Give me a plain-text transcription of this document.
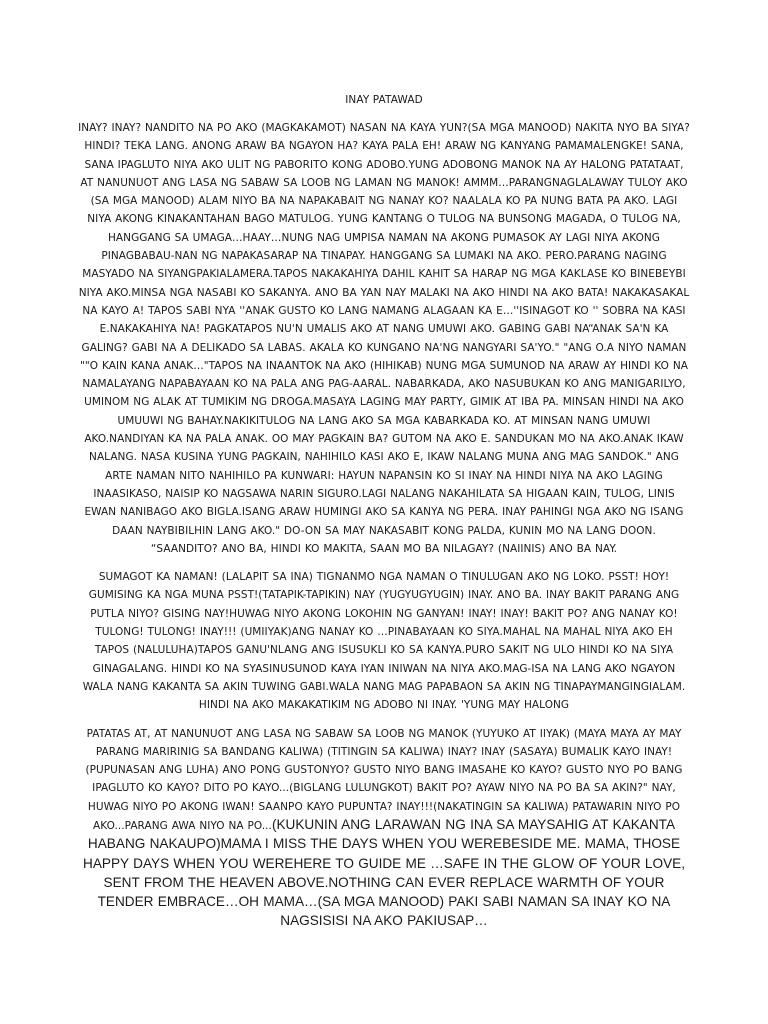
INAY PATAWAD

INAY? INAY? NANDITO NA PO AKO (MAGKAKAMOT) NASAN NA KAYA YUN?(SA MGA MANOOD) NAKITA NYO BA SIYA? HINDI? TEKA LANG. ANONG ARAW BA NGAYON HA? KAYA PALA EH! ARAW NG KANYANG PAMAMALENGKE! SANA, SANA IPAGLUTO NIYA AKO ULIT NG PABORITO KONG ADOBO.YUNG ADOBONG MANOK NA AY HALONG PATATAAT, AT NANUNUOT ANG LASA NG SABAW SA LOOB NG LAMAN NG MANOK! AMMM…PARANGNAGLALAWAY TULOY AKO (SA MGA MANOOD) ALAM NIYO BA NA NAPAKABAIT NG NANAY KO? NAALALA KO PA NUNG BATA PA AKO. LAGI NIYA AKONG KINAKANTAHAN BAGO MATULOG. YUNG KANTANG O TULOG NA BUNSONG MAGADA, O TULOG NA, HANGGANG SA UMAGA…HAAY…NUNG NAG UMPISA NAMAN NA AKONG PUMASOK AY LAGI NIYA AKONG PINAGBABAU-NAN NG NAPAKASARAP NA TINAPAY. HANGGANG SA LUMAKI NA AKO. PERO.PARANG NAGING MASYADO NA SIYANGPAKIALAMERA.TAPOS NAKAKAHIYA DAHIL KAHIT SA HARAP NG MGA KAKLASE KO BINEBEYBI NIYA AKO.MINSA NGA NASABI KO SAKANYA. ANO BA YAN NAY MALAKI NA AKO HINDI NA AKO BATA! NAKAKASAKAL NA KAYO A! TAPOS SABI NYA ''ANAK GUSTO KO LANG NAMANG ALAGAAN KA E…''ISINAGOT KO '' SOBRA NA KASI E.NAKAKAHIYA NA! PAGKATAPOS NU'N UMALIS AKO AT NANG UMUWI AKO. GABING GABI NA“ANAK SA'N KA GALING? GABI NA A DELIKADO SA LABAS. AKALA KO KUNGANO NA'NG NANGYARI SA'YO." "ANG O.A NIYO NAMAN ""O KAIN KANA ANAK…"TAPOS NA INAANTOK NA AKO (HIHIKAB) NUNG MGA SUMUNOD NA ARAW AY HINDI KO NA NAMALAYANG NAPABAYAAN KO NA PALA ANG PAG-AARAL. NABARKADA, AKO NASUBUKAN KO ANG MANIGARILYO, UMINOM NG ALAK AT TUMIKIM NG DROGA.MASAYA LAGING MAY PARTY, GIMIK AT IBA PA. MINSAN HINDI NA AKO UMUUWI NG BAHAY.NAKIKITULOG NA LANG AKO SA MGA KABARKADA KO. AT MINSAN NANG UMUWI AKO.NANDIYAN KA NA PALA ANAK. OO MAY PAGKAIN BA? GUTOM NA AKO E. SANDUKAN MO NA AKO.ANAK IKAW NALANG. NASA KUSINA YUNG PAGKAIN, NAHIHILO KASI AKO E, IKAW NALANG MUNA ANG MAG SANDOK." ANG ARTE NAMAN NITO NAHIHILO PA KUNWARI: HAYUN NAPANSIN KO SI INAY NA HINDI NIYA NA AKO LAGING INAASIKASO, NAISIP KO NAGSAWA NARIN SIGURO.LAGI NALANG NAKAHILATA SA HIGAAN KAIN, TULOG, LINIS EWAN NANIBAGO AKO BIGLA.ISANG ARAW HUMINGI AKO SA KANYA NG PERA. INAY PAHINGI NGA AKO NG ISANG DAAN NAYBIBILHIN LANG AKO." DO-ON SA MAY NAKASABIT KONG PALDA, KUNIN MO NA LANG DOON. “SAANDITO? ANO BA, HINDI KO MAKITA, SAAN MO BA NILAGAY? (NAIINIS) ANO BA NAY.

SUMAGOT KA NAMAN! (LALAPIT SA INA) TIGNANMO NGA NAMAN O TINULUGAN AKO NG LOKO. PSST! HOY! GUMISING KA NGA MUNA PSST!(TATAPIK-TAPIKIN) NAY (YUGYUGYUGIN) INAY. ANO BA. INAY BAKIT PARANG ANG PUTLA NIYO? GISING NAY!HUWAG NIYO AKONG LOKOHIN NG GANYAN! INAY! INAY! BAKIT PO? ANG NANAY KO! TULONG! TULONG! INAY!!! (UMIIYAK)ANG NANAY KO …PINABAYAAN KO SIYA.MAHAL NA MAHAL NIYA AKO EH TAPOS (NALULUHA)TAPOS GANU'NLANG ANG ISUSUKLI KO SA KANYA.PURO SAKIT NG ULO HINDI KO NA SIYA GINAGALANG. HINDI KO NA SYASINUSUNOD KAYA IYAN INIWAN NA NIYA AKO.MAG-ISA NA LANG AKO NGAYON WALA NANG KAKANTA SA AKIN TUWING GABI.WALA NANG MAG PAPABAON SA AKIN NG TINAPAYMANGINGIALAM. HINDI NA AKO MAKAKATIKIM NG ADOBO NI INAY. 'YUNG MAY HALONG

PATATAS AT, AT NANUNUOT ANG LASA NG SABAW SA LOOB NG MANOK (YUYUKO AT IIYAK) (MAYA MAYA AY MAY PARANG MARIRINIG SA BANDANG KALIWA) (TITINGIN SA KALIWA) INAY? INAY (SASAYA) BUMALIK KAYO INAY! (PUPUNASAN ANG LUHA) ANO PONG GUSTONYO? GUSTO NIYO BANG IMASAHE KO KAYO? GUSTO NYO PO BANG IPAGLUTO KO KAYO? DITO PO KAYO...(BIGLANG LULUNGKOT) BAKIT PO? AYAW NIYO NA PO BA SA AKIN?" NAY, HUWAG NIYO PO AKONG IWAN! SAANPO KAYO PUPUNTA? INAY!!!(NAKATINGIN SA KALIWA) PATAWARIN NIYO PO AKO...PARANG AWA NIYO NA PO...(KUKUNIN ANG LARAWAN NG INA SA MAYSAHIG AT KAKANTA HABANG NAKAUPO)MAMA I MISS THE DAYS WHEN YOU WEREBESIDE ME. MAMA, THOSE HAPPY DAYS WHEN YOU WEREHERE TO GUIDE ME …SAFE IN THE GLOW OF YOUR LOVE, SENT FROM THE HEAVEN ABOVE.NOTHING CAN EVER REPLACE WARMTH OF YOUR TENDER EMBRACE…OH MAMA…(SA MGA MANOOD) PAKI SABI NAMAN SA INAY KO NA NAGSISISI NA AKO PAKIUSAP…
